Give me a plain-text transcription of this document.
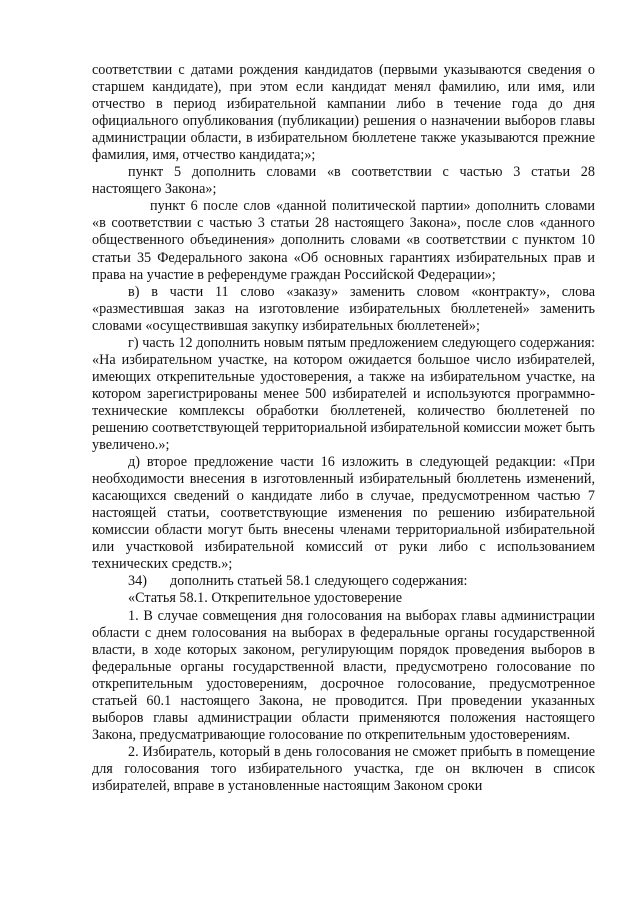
соответствии с датами рождения кандидатов (первыми указываются сведения о старшем кандидате), при этом если кандидат менял фамилию, или имя, или отчество в период избирательной кампании либо в течение года до дня официального опубликования (публикации) решения о назначении выборов главы администрации области, в избирательном бюллетене также указываются прежние фамилия, имя, отчество кандидата;»;

пункт 5 дополнить словами «в соответствии с частью 3 статьи 28 настоящего Закона»;

пункт 6 после слов «данной политической партии» дополнить словами «в соответствии с частью 3 статьи 28 настоящего Закона», после слов «данного общественного объединения» дополнить словами «в соответствии с пунктом 10 статьи 35 Федерального закона «Об основных гарантиях избирательных прав и права на участие в референдуме граждан Российской Федерации»;

в) в части 11 слово «заказу» заменить словом «контракту», слова «разместившая заказ на изготовление избирательных бюллетеней» заменить словами «осуществившая закупку избирательных бюллетеней»;

г) часть 12 дополнить новым пятым предложением следующего содержания: «На избирательном участке, на котором ожидается большое число избирателей, имеющих открепительные удостоверения, а также на избирательном участке, на котором зарегистрированы менее 500 избирателей и используются программно-технические комплексы обработки бюллетеней, количество бюллетеней по решению соответствующей территориальной избирательной комиссии может быть увеличено.»;

д) второе предложение части 16 изложить в следующей редакции: «При необходимости внесения в изготовленный избирательный бюллетень изменений, касающихся сведений о кандидате либо в случае, предусмотренном частью 7 настоящей статьи, соответствующие изменения по решению избирательной комиссии области могут быть внесены членами территориальной избирательной или участковой избирательной комиссий от руки либо с использованием технических средств.»;

34)	дополнить статьей 58.1 следующего содержания:

«Статья 58.1. Открепительное удостоверение

1. В случае совмещения дня голосования на выборах главы администрации области с днем голосования на выборах в федеральные органы государственной власти, в ходе которых законом, регулирующим порядок проведения выборов в федеральные органы государственной власти, предусмотрено голосование по открепительным удостоверениям, досрочное голосование, предусмотренное статьей 60.1 настоящего Закона, не проводится. При проведении указанных выборов главы администрации области применяются положения настоящего Закона, предусматривающие голосование по открепительным удостоверениям.

2. Избиратель, который в день голосования не сможет прибыть в помещение для голосования того избирательного участка, где он включен в список избирателей, вправе в установленные настоящим Законом сроки
